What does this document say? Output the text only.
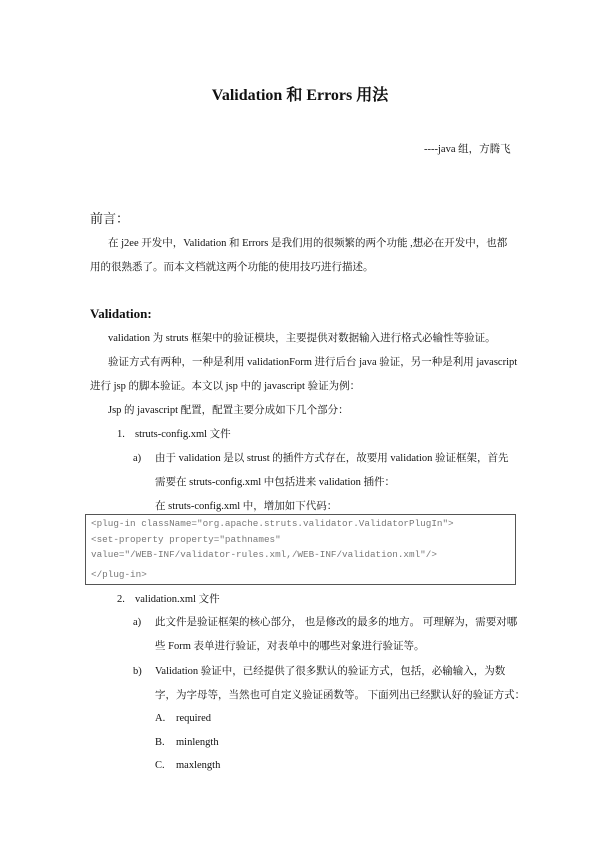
Validation 和 Errors 用法
----java 组，方腾飞
前言：
在 j2ee 开发中，Validation 和 Errors 是我们用的很频繁的两个功能 ,想必在开发中，也都
用的很熟悉了。而本文档就这两个功能的使用技巧进行描述。
Validation:
validation 为 struts 框架中的验证模块，主要提供对数据输入进行格式必输性等验证。
验证方式有两种，一种是利用 validationForm 进行后台 java 验证，另一种是利用 javascript
进行 jsp 的脚本验证。本文以 jsp 中的 javascript 验证为例：
Jsp 的 javascript 配置，配置主要分成如下几个部分：
1. struts-config.xml 文件
a) 由于 validation 是以 strust 的插件方式存在，故要用 validation 验证框架，首先
需要在 struts-config.xml 中包括进来 validation 插件：
在 struts-config.xml 中，增加如下代码：
<plug-in className="org.apache.struts.validator.ValidatorPlugIn">
<set-property property="pathnames"
value="/WEB-INF/validator-rules.xml,/WEB-INF/validation.xml"/>
</plug-in>
2. validation.xml 文件
a) 此文件是验证框架的核心部分， 也是修改的最多的地方。 可理解为，需要对哪
些 Form 表单进行验证，对表单中的哪些对象进行验证等。
b) Validation 验证中，已经提供了很多默认的验证方式，包括，必输输入，为数
字，为字母等，当然也可自定义验证函数等。 下面列出已经默认好的验证方式：
A. required
B. minlength
C. maxlength
